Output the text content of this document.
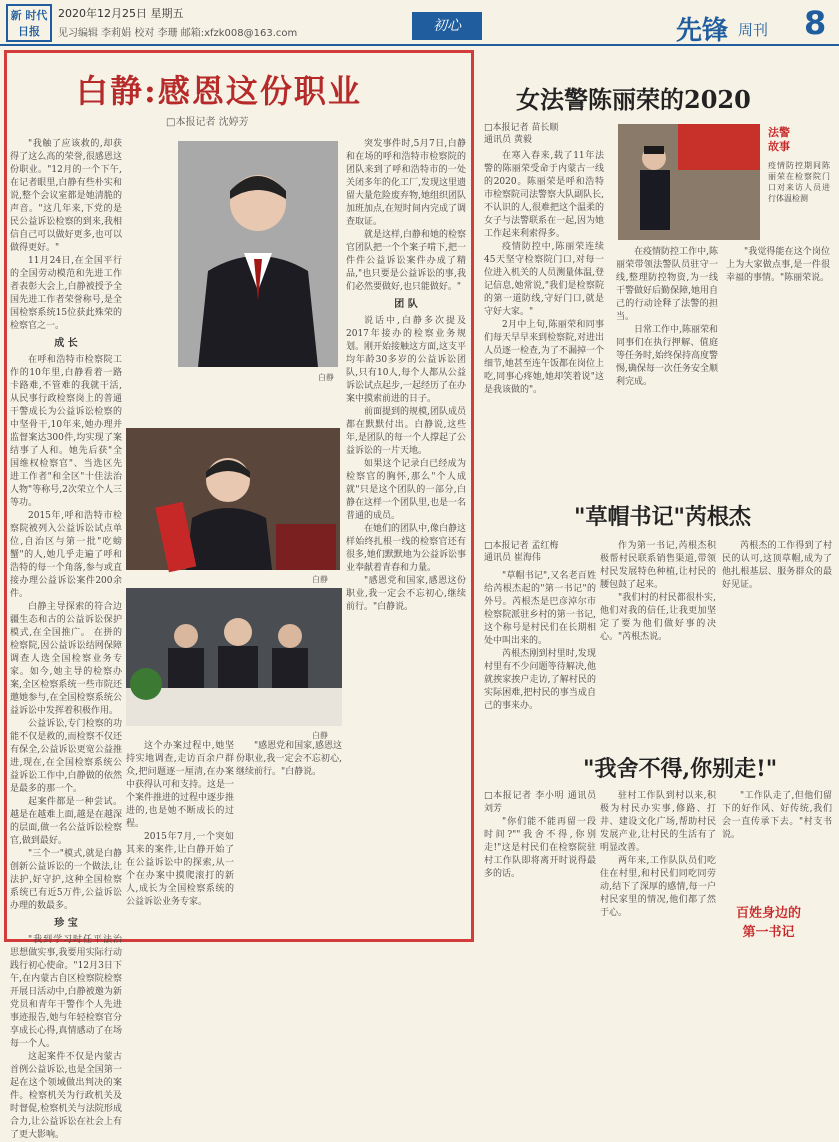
新 时代 日报
2020年12月25日 星期五
见习编辑 李莉娟 校对 李珊 邮箱:xfzk008@163.com	初心	先锋 周刊 8
白静:感恩这份职业
□本报记者 沈婷芳

"我触了应该救的,却获得了这么高的荣誉,很感恩这份职业。"12月的一个下午,在记者眼里,白静有些朴实和说,整个会议室都是她清脆的声音。"这几年来,下党的是民公益诉讼检察的到来,我相信自己可以做好更多,也可以做得更好。"

11月24日,在全国平行的全国劳动模范和先进工作者表彰大会上,白静被授予全国先进工作者荣誉称号,是全国检察系统15位获此殊荣的检察官之一。

成 长

在呼和浩特市检察院工作的10年里,白静看着一路卡路难,不管难的我就干活,从民事行政检察岗上的普通干警成长为公益诉讼检察的中坚骨干,10年来,她办理并监督案达300件,均实现了案结事了人和。她先后获"全国维权检察官"、当选区先进工作者"和全区"十佳法治人物"等称号,2次荣立个人三等功。

2015年,呼和浩特市检察院被列入公益诉讼试点单位,自治区与第一批"吃螃蟹"的人,她几乎走遍了呼和浩特的每一个角落,参与或直接办理公益诉讼案件200余件。

白静主导探索的符合边疆生态和古的公益诉讼保护模式,在全国推广。 在拼的检察院,因公益诉讼结网保障调查人选全国检察业务专家。如今,她主导的检察办案,全区检察系统一些市院还邀她参与,在全国检察系统公益诉讼中发挥着积极作用。

公益诉讼,专门检察的功能不仅是救的,而检察不仅还有保全,公益诉讼更宽公益推进,现在,在全国检察系统公益诉讼工作中,白静做的依然是最多的那一个。

起案件都是一种尝试。越是在越难上面,越是在越深的层面,做一名公益诉讼检察官,做到最好。

"三个一"模式,就是白静创新公益诉讼的一个做法,让法护,好守护,这种全国检察系统已有近5万件,公益诉讼办理的数最多。

珍 宝

"我到学习时任平法治思想做实事,我要用实际行动践行初心使命。"12月3日下午,在内蒙古自区检察院检察开展日活动中,白静被邀为新党员和青年干警作个人先进事迹报告,她与年轻检察官分享成长心得,真情感动了在场每一个人。

这起案件不仅是内蒙古首例公益诉讼,也是全国第一起在这个领域做出判决的案件。检察机关为行政机关及时督促,检察机关与法院形成合力,让公益诉讼在社会上有了更大影响。

白静
白静
白静

这个办案过程中,她坚持实地调查,走访百余户群众,把问题逐一厘清,在办案中获得认可和支持。这是一个案件推进的过程中逐步推进的,也是她不断成长的过程。

2015年7月,一个突如其来的案件,让白静开始了在公益诉讼中的探索,从一个在办案中摸爬滚打的新人,成长为全国检察系统的公益诉讼业务专家。

突发事件时,5月7日,白静和在场的呼和浩特市检察院的团队来到了呼和浩特市的一处关闭多年的化工厂,发现这里遗留大量危险废弃物,她组织团队加班加点,在短时间内完成了调查取证。

就是这样,白静和她的检察官团队把一个个案子啃下,把一件件公益诉讼案件办成了精品,"也只要是公益诉讼的事,我们必然要做好,也只能做好。"

团 队

说话中,白静多次提及2017年接办的检察业务规划。刚开始接触这方面,这支平均年龄30多岁的公益诉讼团队,只有10人,每个人都从公益诉讼试点起步,一起经历了在办案中摸索前进的日子。

前面提到的规模,团队成员都在默默付出。白静说,这些年,是团队的每一个人撑起了公益诉讼的一片天地。

如果这个记录白已经成为检察官的胸怀,那么"个人成就"只是这个团队的一部分,白静在这样一个团队里,也是一名普通的成员。

在她们的团队中,像白静这样始终扎根一线的检察官还有很多,她们默默地为公益诉讼事业奉献着青春和力量。

"感恩党和国家,感恩这份职业,我一定会不忘初心,继续前行。"白静说。

"感恩党和国家,感恩这份职业,我一定会不忘初心,继续前行。"白静说。

女法警陈丽荣的2020
□本报记者 苗长顺
通讯员 黄毅
法警
故事
疫情防控期间陈丽荣在检察院门口对来访人员进行体温检测

在寒入春来,载了11年法警的陈丽荣受命于内蒙古一线的2020。陈丽荣是呼和浩特市检察院司法警察大队副队长,不认识的人,很难把这个温柔的女子与法警联系在一起,因为她工作起来利索得多。

疫情防控中,陈丽荣连续45天坚守检察院门口,对每一位进入机关的人员测量体温,登记信息,她常说,"我们是检察院的第一道防线,守好门口,就是守好大家。"

2月中上旬,陈丽荣和同事们每天早早来到检察院,对进出人员逐一检查,为了不漏掉一个细节,她甚至连午饭都在岗位上吃,同事心疼她,她却笑着说"这是我该做的"。

在疫情防控工作中,陈丽荣带领法警队员驻守一线,整理防控物资,为一线干警做好后勤保障,她用自己的行动诠释了法警的担当。

日常工作中,陈丽荣和同事们在执行押解、值庭等任务时,始终保持高度警惕,确保每一次任务安全顺利完成。

"我觉得能在这个岗位上为大家做点事,是一件很幸福的事情。"陈丽荣说。

"草帽书记"芮根杰
□本报记者 孟红梅
通讯员 崔海伟

"草帽书记",又名老百姓给芮根杰起的"第一书记"的外号。芮根杰是巴彦淖尔市检察院派驻乡村的第一书记,这个称号是村民们在长期相处中叫出来的。

芮根杰刚到村里时,发现村里有不少问题等待解决,他就挨家挨户走访,了解村民的实际困难,把村民的事当成自己的事来办。

作为第一书记,芮根杰积极帮村民联系销售渠道,带领村民发展特色种植,让村民的腰包鼓了起来。

"我们村的村民都很朴实,他们对我的信任,让我更加坚定了要为他们做好事的决心。"芮根杰说。

芮根杰的工作得到了村民的认可,这顶草帽,成为了他扎根基层、服务群众的最好见证。

"我舍不得,你别走!"

□本报记者 李小明 通讯员 刘芳

"你们能不能再留一段时间?""我舍不得,你别走!"这是村民们在检察院驻村工作队即将离开时说得最多的话。

驻村工作队到村以来,积极为村民办实事,修路、打井、建设文化广场,帮助村民发展产业,让村民的生活有了明显改善。

两年来,工作队队员们吃住在村里,和村民们同吃同劳动,结下了深厚的感情,每一户村民家里的情况,他们都了然于心。

"工作队走了,但他们留下的好作风、好传统,我们会一直传承下去。"村支书说。

百姓身边的
第一书记
